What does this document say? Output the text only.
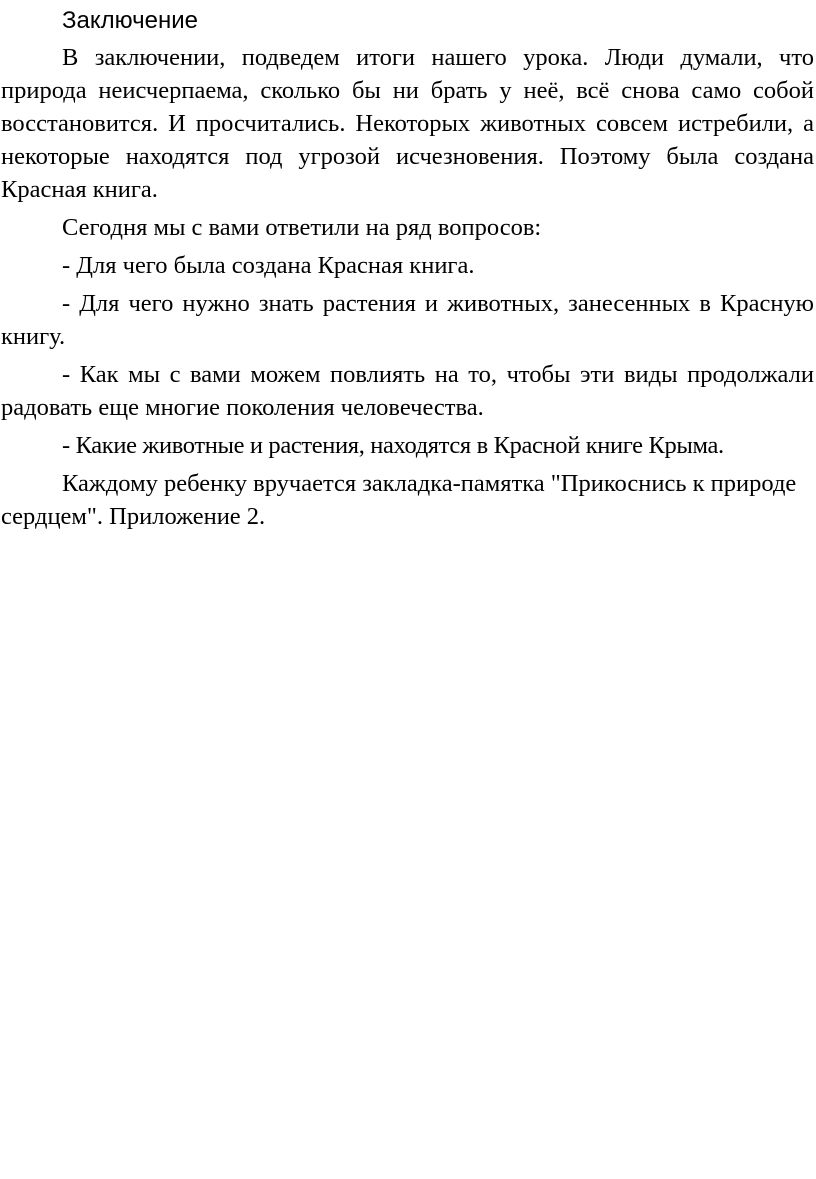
Заключение

В заключении, подведем итоги нашего урока. Люди думали, что природа неисчерпаема, сколько бы ни брать у неё, всё снова само собой восстановится. И просчитались. Некоторых животных совсем истребили, а некоторые находятся под угрозой исчезновения. Поэтому была создана Красная книга.

Сегодня мы с вами ответили на ряд вопросов:

- Для чего была создана Красная книга.

- Для чего нужно знать растения и животных, занесенных в Красную книгу.

- Как мы с вами можем повлиять на то, чтобы эти виды продолжали радовать еще многие поколения человечества.

- Какие животные и растения, находятся в Красной книге Крыма.

Каждому ребенку вручается закладка-памятка "Прикоснись к природе сердцем". Приложение 2.
